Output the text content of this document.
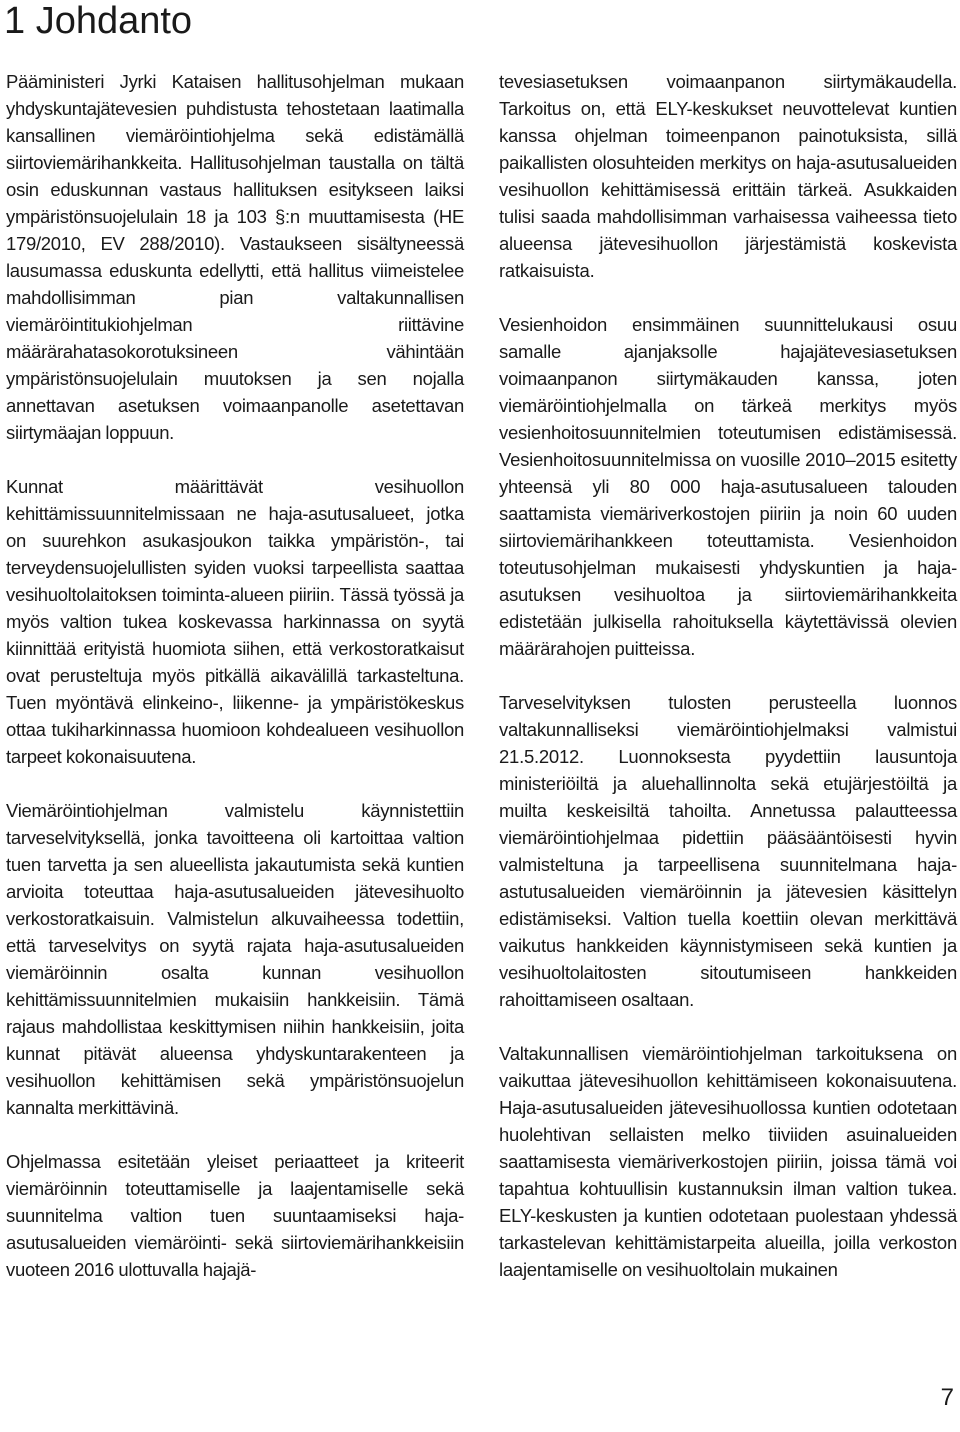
1 Johdanto

Pääministeri Jyrki Kataisen hallitusohjelman mukaan yhdyskuntajätevesien puhdistusta tehostetaan laatimalla kansallinen viemäröintiohjelma sekä edistämällä siirtoviemärihankkeita. Hallitusohjelman taustalla on tältä osin eduskunnan vastaus hallituksen esitykseen laiksi ympäristönsuojelulain 18 ja 103 §:n muuttamisesta (HE 179/2010, EV 288/2010). Vastaukseen sisältyneessä lausumassa eduskunta edellytti, että hallitus viimeistelee mahdollisimman pian valtakunnallisen viemäröintitukiohjelman riittävine määrärahatasokorotuksineen vähintään ympäristönsuojelulain muutoksen ja sen nojalla annettavan asetuksen voimaanpanolle asetettavan siirtymäajan loppuun.

Kunnat määrittävät vesihuollon kehittämissuunnitelmissaan ne haja-asutusalueet, jotka on suurehkon asukasjoukon taikka ympäristön-, tai terveydensuojelullisten syiden vuoksi tarpeellista saattaa vesihuoltolaitoksen toiminta-alueen piiriin. Tässä työssä ja myös valtion tukea koskevassa harkinnassa on syytä kiinnittää erityistä huomiota siihen, että verkostoratkaisut ovat perusteltuja myös pitkällä aikavälillä tarkasteltuna. Tuen myöntävä elinkeino-, liikenne- ja ympäristökeskus ottaa tukiharkinnassa huomioon kohdealueen vesihuollon tarpeet kokonaisuutena.

Viemäröintiohjelman valmistelu käynnistettiin tarveselvityksellä, jonka tavoitteena oli kartoittaa valtion tuen tarvetta ja sen alueellista jakautumista sekä kuntien arvioita toteuttaa haja-asutusalueiden jätevesihuolto verkostoratkaisuin. Valmistelun alkuvaiheessa todettiin, että tarveselvitys on syytä rajata haja-asutusalueiden viemäröinnin osalta kunnan vesihuollon kehittämissuunnitelmien mukaisiin hankkeisiin. Tämä rajaus mahdollistaa keskittymisen niihin hankkeisiin, joita kunnat pitävät alueensa yhdyskuntarakenteen ja vesihuollon kehittämisen sekä ympäristönsuojelun kannalta merkittävinä.

Ohjelmassa esitetään yleiset periaatteet ja kriteerit viemäröinnin toteuttamiselle ja laajentamiselle sekä suunnitelma valtion tuen suuntaamiseksi haja-asutusalueiden viemäröinti- sekä siirtoviemärihankkeisiin vuoteen 2016 ulottuvalla hajajä-

tevesiasetuksen voimaanpanon siirtymäkaudella. Tarkoitus on, että ELY-keskukset neuvottelevat kuntien kanssa ohjelman toimeenpanon painotuksista, sillä paikallisten olosuhteiden merkitys on haja-asutusalueiden vesihuollon kehittämisessä erittäin tärkeä. Asukkaiden tulisi saada mahdollisimman varhaisessa vaiheessa tieto alueensa jätevesihuollon järjestämistä koskevista ratkaisuista.

Vesienhoidon ensimmäinen suunnittelukausi osuu samalle ajanjaksolle hajajätevesiasetuksen voimaanpanon siirtymäkauden kanssa, joten viemäröintiohjelmalla on tärkeä merkitys myös vesienhoitosuunnitelmien toteutumisen edistämisessä. Vesienhoitosuunnitelmissa on vuosille 2010–2015 esitetty yhteensä yli 80 000 haja-asutusalueen talouden saattamista viemäriverkostojen piiriin ja noin 60 uuden siirtoviemärihankkeen toteuttamista. Vesienhoidon toteutusohjelman mukaisesti yhdyskuntien ja haja-asutuksen vesihuoltoa ja siirtoviemärihankkeita edistetään julkisella rahoituksella käytettävissä olevien määrärahojen puitteissa.

Tarveselvityksen tulosten perusteella luonnos valtakunnalliseksi viemäröintiohjelmaksi valmistui 21.5.2012. Luonnoksesta pyydettiin lausuntoja ministeriöiltä ja aluehallinnolta sekä etujärjestöiltä ja muilta keskeisiltä tahoilta. Annetussa palautteessa viemäröintiohjelmaa pidettiin pääsääntöisesti hyvin valmisteltuna ja tarpeellisena suunnitelmana haja-astutusalueiden viemäröinnin ja jätevesien käsittelyn edistämiseksi. Valtion tuella koettiin olevan merkittävä vaikutus hankkeiden käynnistymiseen sekä kuntien ja vesihuoltolaitosten sitoutumiseen hankkeiden rahoittamiseen osaltaan.

Valtakunnallisen viemäröintiohjelman tarkoituksena on vaikuttaa jätevesihuollon kehittämiseen kokonaisuutena. Haja-asutusalueiden jätevesihuollossa kuntien odotetaan huolehtivan sellaisten melko tiiviiden asuinalueiden saattamisesta viemäriverkostojen piiriin, joissa tämä voi tapahtua kohtuullisin kustannuksin ilman valtion tukea. ELY-keskusten ja kuntien odotetaan puolestaan yhdessä tarkastelevan kehittämistarpeita alueilla, joilla verkoston laajentamiselle on vesihuoltolain mukainen

7
